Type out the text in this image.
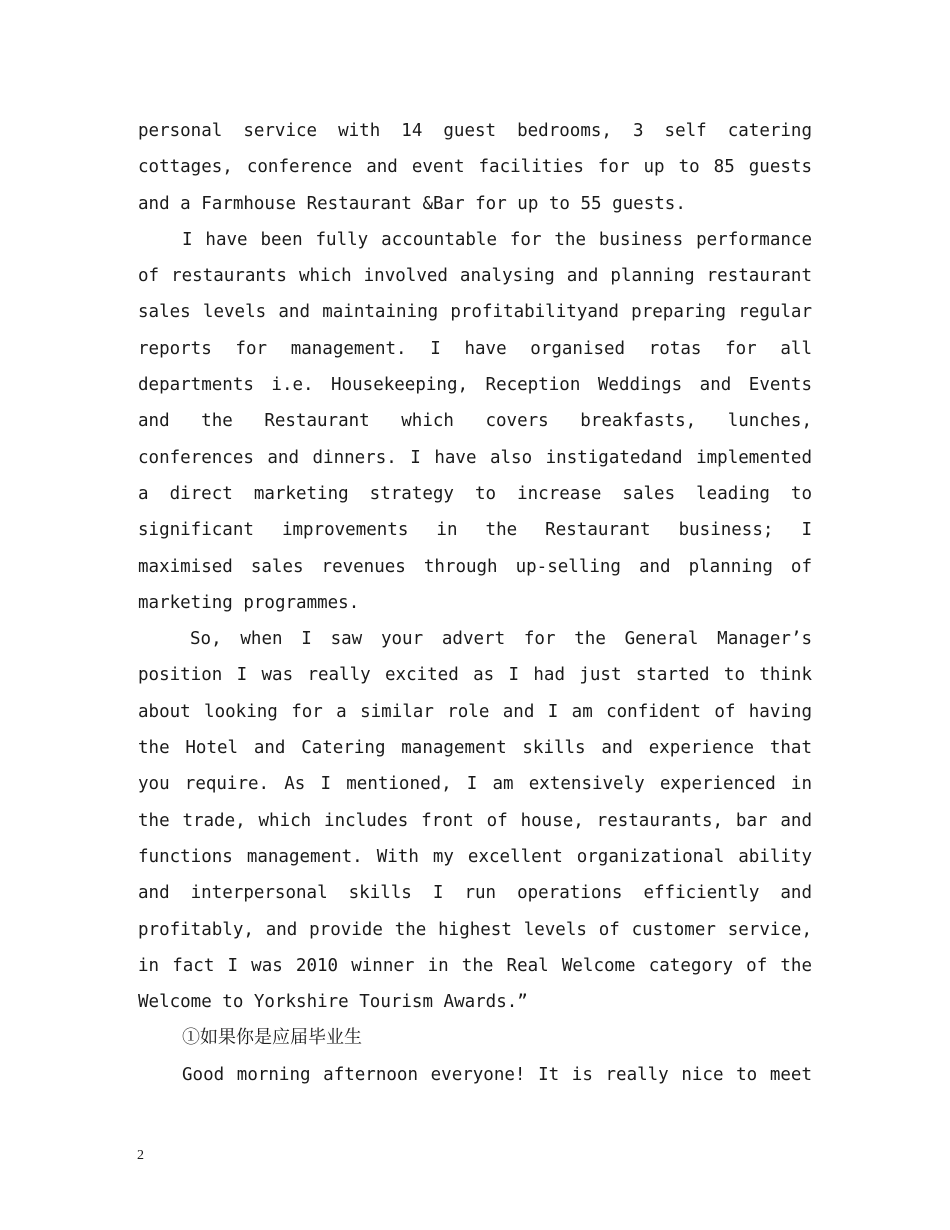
personal service with 14 guest bedrooms, 3 self catering cottages, conference and event facilities for up to 85 guests and a Farmhouse Restaurant &Bar for up to 55 guests.

I have been fully accountable for the business performance of restaurants which involved analysing and planning restaurant sales levels and maintaining profitabilityand preparing regular reports for management. I have organised rotas for all departments i.e. Housekeeping, Reception Weddings and Events and the Restaurant which covers breakfasts, lunches, conferences and dinners. I have also instigatedand implemented a direct marketing strategy to increase sales leading to significant improvements in the Restaurant business; I maximised sales revenues through up-selling and planning of marketing programmes.

So, when I saw your advert for the General Manager’s position I was really excited as I had just started to think about looking for a similar role and I am confident of having the Hotel and Catering management skills and experience that you require. As I mentioned, I am extensively experienced in the trade, which includes front of house, restaurants, bar and functions management. With my excellent organizational ability and interpersonal skills I run operations efficiently and profitably, and provide the highest levels of customer service, in fact I was 2010 winner in the Real Welcome category of the Welcome to Yorkshire Tourism Awards.”

①如果你是应届毕业生

Good morning afternoon everyone! It is really nice to meet

2
